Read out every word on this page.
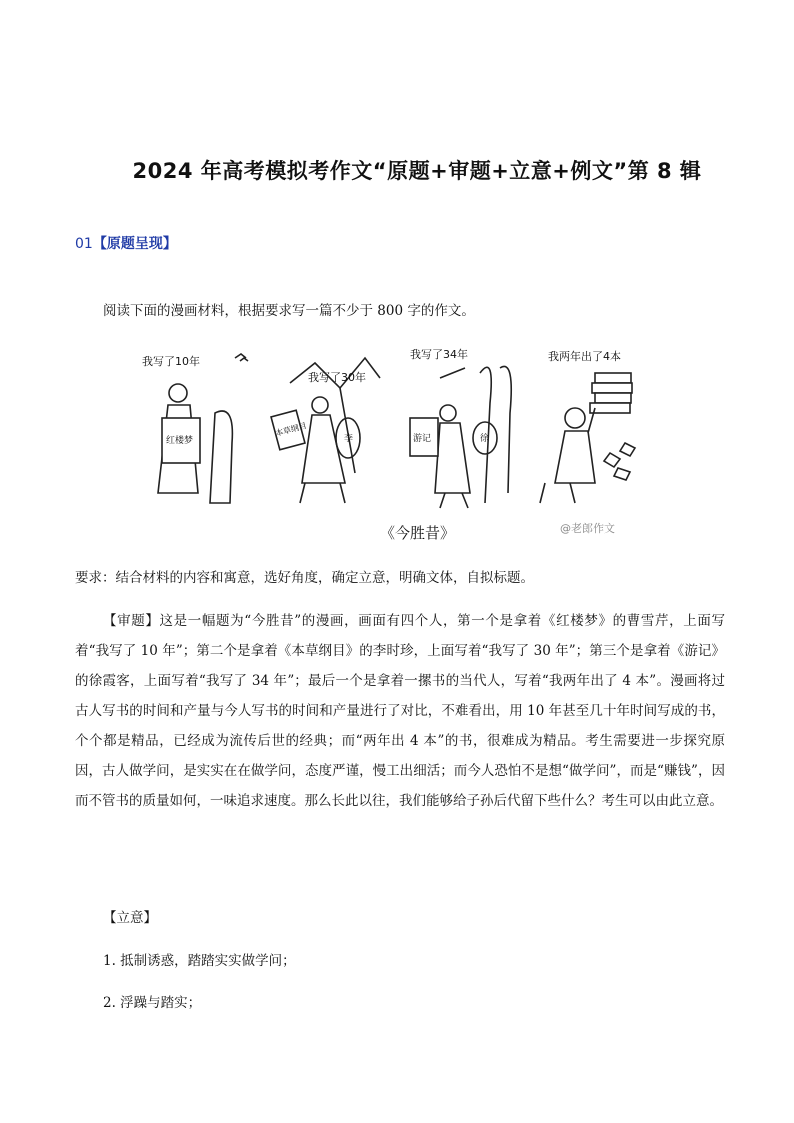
2024 年高考模拟考作文“原题+审题+立意+例文”第 8 辑
01【原题呈现】
阅读下面的漫画材料，根据要求写一篇不少于 800 字的作文。
我写了10年
我写了30年
我写了34年	我两年出了4本
红楼梦
本草纲目
游记
李	徐
《今胜昔》	@老郎作文
要求：结合材料的内容和寓意，选好角度，确定立意，明确文体，自拟标题。
【审题】这是一幅题为“今胜昔”的漫画，画面有四个人，第一个是拿着《红楼梦》的曹雪芹，上面写着“我写了 10 年”；第二个是拿着《本草纲目》的李时珍，上面写着“我写了 30 年”；第三个是拿着《游记》的徐霞客，上面写着“我写了 34 年”；最后一个是拿着一摞书的当代人，写着“我两年出了 4 本”。漫画将过古人写书的时间和产量与今人写书的时间和产量进行了对比，不难看出，用 10 年甚至几十年时间写成的书，个个都是精品，已经成为流传后世的经典；而“两年出 4 本”的书，很难成为精品。考生需要进一步探究原因，古人做学问，是实实在在做学问，态度严谨，慢工出细活；而今人恐怕不是想“做学问”，而是“赚钱”，因而不管书的质量如何，一味追求速度。那么长此以往，我们能够给子孙后代留下些什么？考生可以由此立意。
【立意】
1. 抵制诱惑，踏踏实实做学问；
2. 浮躁与踏实；
